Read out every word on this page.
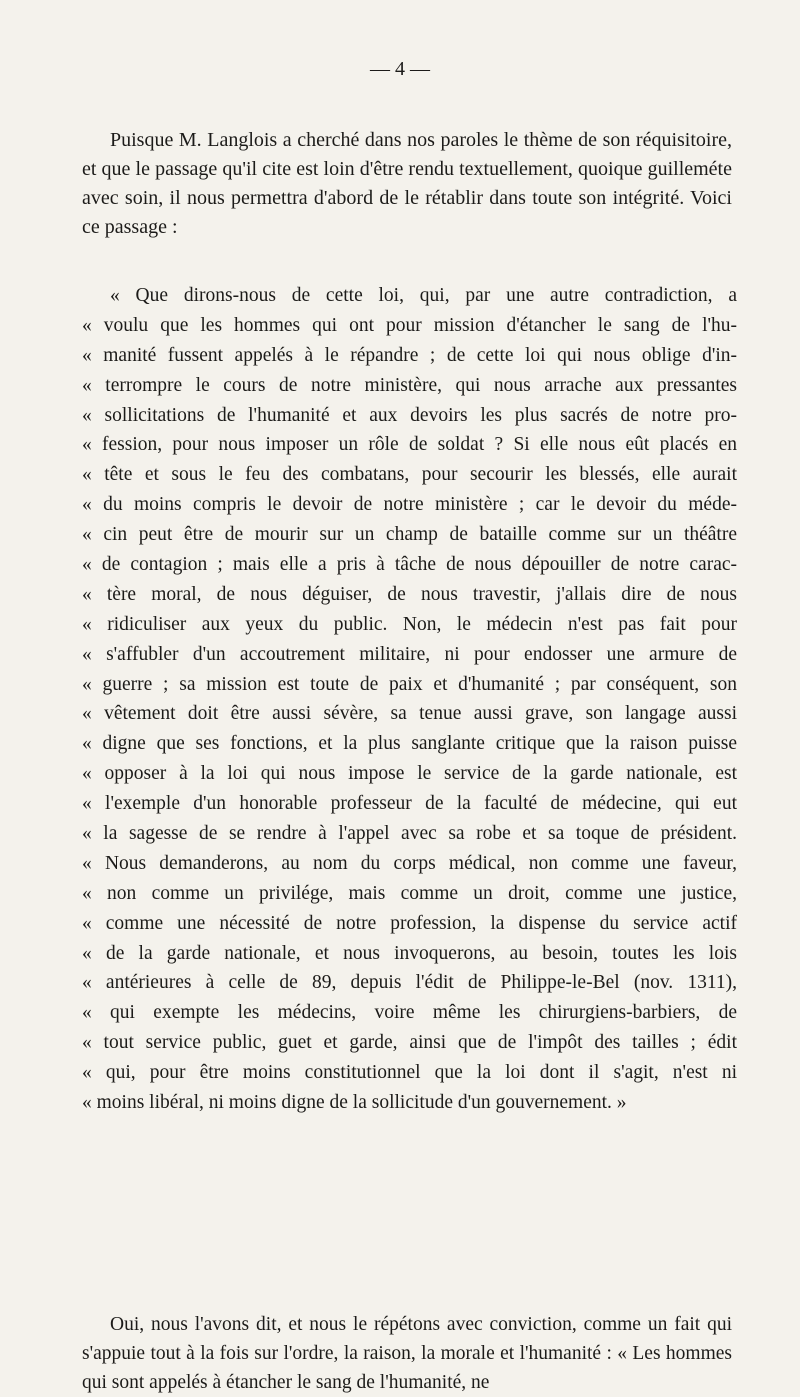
— 4 —

Puisque M. Langlois a cherché dans nos paroles le thème de son réquisitoire, et que le passage qu'il cite est loin d'être rendu textuellement, quoique guilleméte avec soin, il nous permettra d'abord de le rétablir dans toute son intégrité. Voici ce passage :

« Que dirons-nous de cette loi, qui, par une autre contradiction, a
« voulu que les hommes qui ont pour mission d'étancher le sang de l'hu-
« manité fussent appelés à le répandre ; de cette loi qui nous oblige d'in-
« terrompre le cours de notre ministère, qui nous arrache aux pressantes
« sollicitations de l'humanité et aux devoirs les plus sacrés de notre pro-
« fession, pour nous imposer un rôle de soldat ? Si elle nous eût placés en
« tête et sous le feu des combatans, pour secourir les blessés, elle aurait
« du moins compris le devoir de notre ministère ; car le devoir du méde-
« cin peut être de mourir sur un champ de bataille comme sur un théâtre
« de contagion ; mais elle a pris à tâche de nous dépouiller de notre carac-
« tère moral, de nous déguiser, de nous travestir, j'allais dire de nous
« ridiculiser aux yeux du public. Non, le médecin n'est pas fait pour
« s'affubler d'un accoutrement militaire, ni pour endosser une armure de
« guerre ; sa mission est toute de paix et d'humanité ; par conséquent, son
« vêtement doit être aussi sévère, sa tenue aussi grave, son langage aussi
« digne que ses fonctions, et la plus sanglante critique que la raison puisse
« opposer à la loi qui nous impose le service de la garde nationale, est
« l'exemple d'un honorable professeur de la faculté de médecine, qui eut
« la sagesse de se rendre à l'appel avec sa robe et sa toque de président.
« Nous demanderons, au nom du corps médical, non comme une faveur,
« non comme un privilége, mais comme un droit, comme une justice,
« comme une nécessité de notre profession, la dispense du service actif
« de la garde nationale, et nous invoquerons, au besoin, toutes les lois
« antérieures à celle de 89, depuis l'édit de Philippe-le-Bel (nov. 1311),
« qui exempte les médecins, voire même les chirurgiens-barbiers, de
« tout service public, guet et garde, ainsi que de l'impôt des tailles ; édit
« qui, pour être moins constitutionnel que la loi dont il s'agit, n'est ni
« moins libéral, ni moins digne de la sollicitude d'un gouvernement. »

Oui, nous l'avons dit, et nous le répétons avec conviction, comme un fait qui s'appuie tout à la fois sur l'ordre, la raison, la morale et l'humanité : « Les hommes qui sont appelés à étancher le sang de l'humanité, ne
